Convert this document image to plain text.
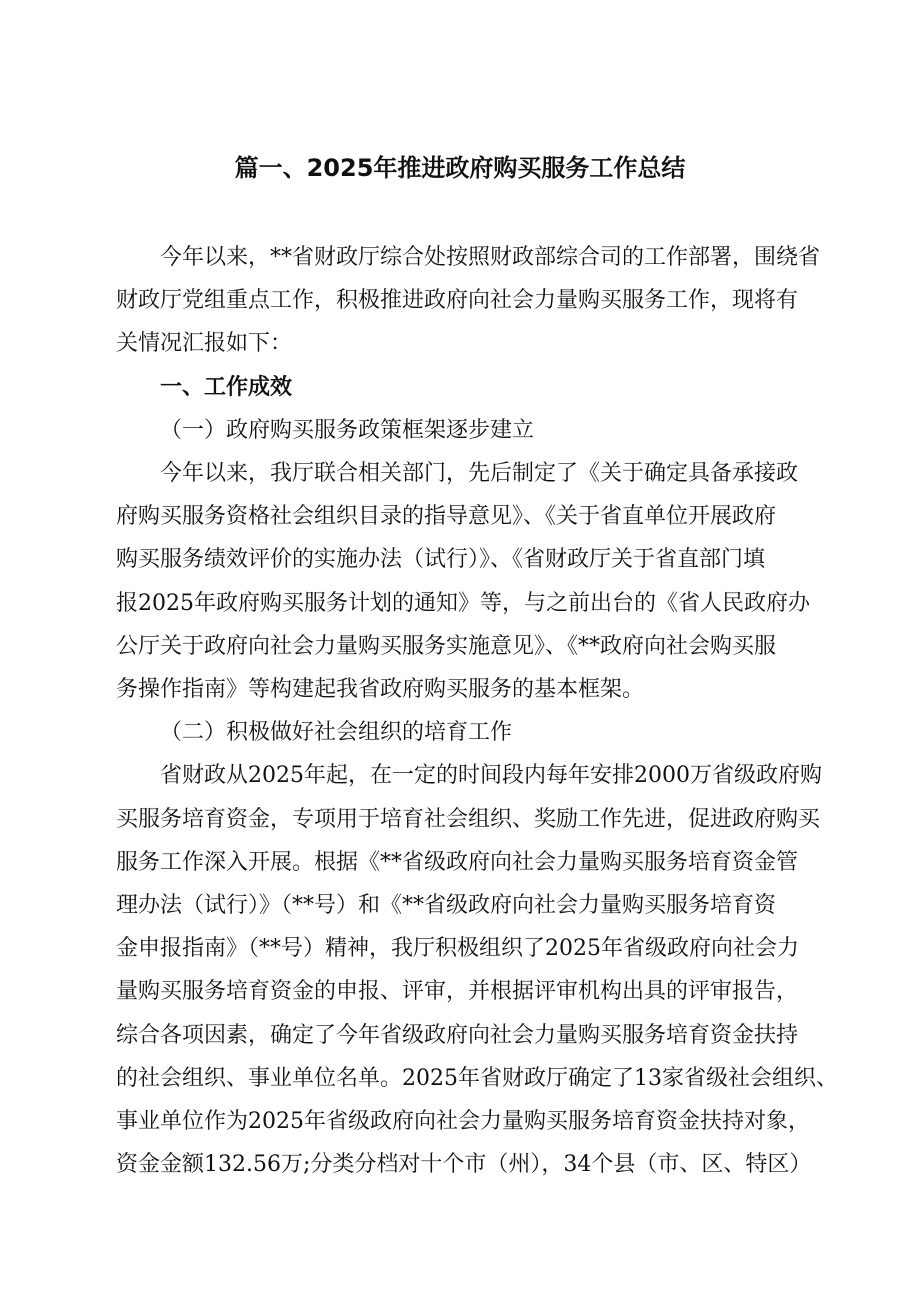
篇一、2025年推进政府购买服务工作总结

今年以来，**省财政厅综合处按照财政部综合司的工作部署，围绕省
财政厅党组重点工作，积极推进政府向社会力量购买服务工作，现将有
关情况汇报如下：

一、工作成效

（一）政府购买服务政策框架逐步建立

今年以来，我厅联合相关部门，先后制定了《关于确定具备承接政
府购买服务资格社会组织目录的指导意见》、《关于省直单位开展政府
购买服务绩效评价的实施办法（试行）》、《省财政厅关于省直部门填
报2025年政府购买服务计划的通知》等，与之前出台的《省人民政府办
公厅关于政府向社会力量购买服务实施意见》、《**政府向社会购买服
务操作指南》等构建起我省政府购买服务的基本框架。

（二）积极做好社会组织的培育工作

省财政从2025年起，在一定的时间段内每年安排2000万省级政府购
买服务培育资金，专项用于培育社会组织、奖励工作先进，促进政府购买
服务工作深入开展。根据《**省级政府向社会力量购买服务培育资金管
理办法（试行）》（**号）和《**省级政府向社会力量购买服务培育资
金申报指南》（**号）精神，我厅积极组织了2025年省级政府向社会力
量购买服务培育资金的申报、评审，并根据评审机构出具的评审报告，
综合各项因素，确定了今年省级政府向社会力量购买服务培育资金扶持
的社会组织、事业单位名单。2025年省财政厅确定了13家省级社会组织、
事业单位作为2025年省级政府向社会力量购买服务培育资金扶持对象，
资金金额132.56万;分类分档对十个市（州），34个县（市、区、特区）
